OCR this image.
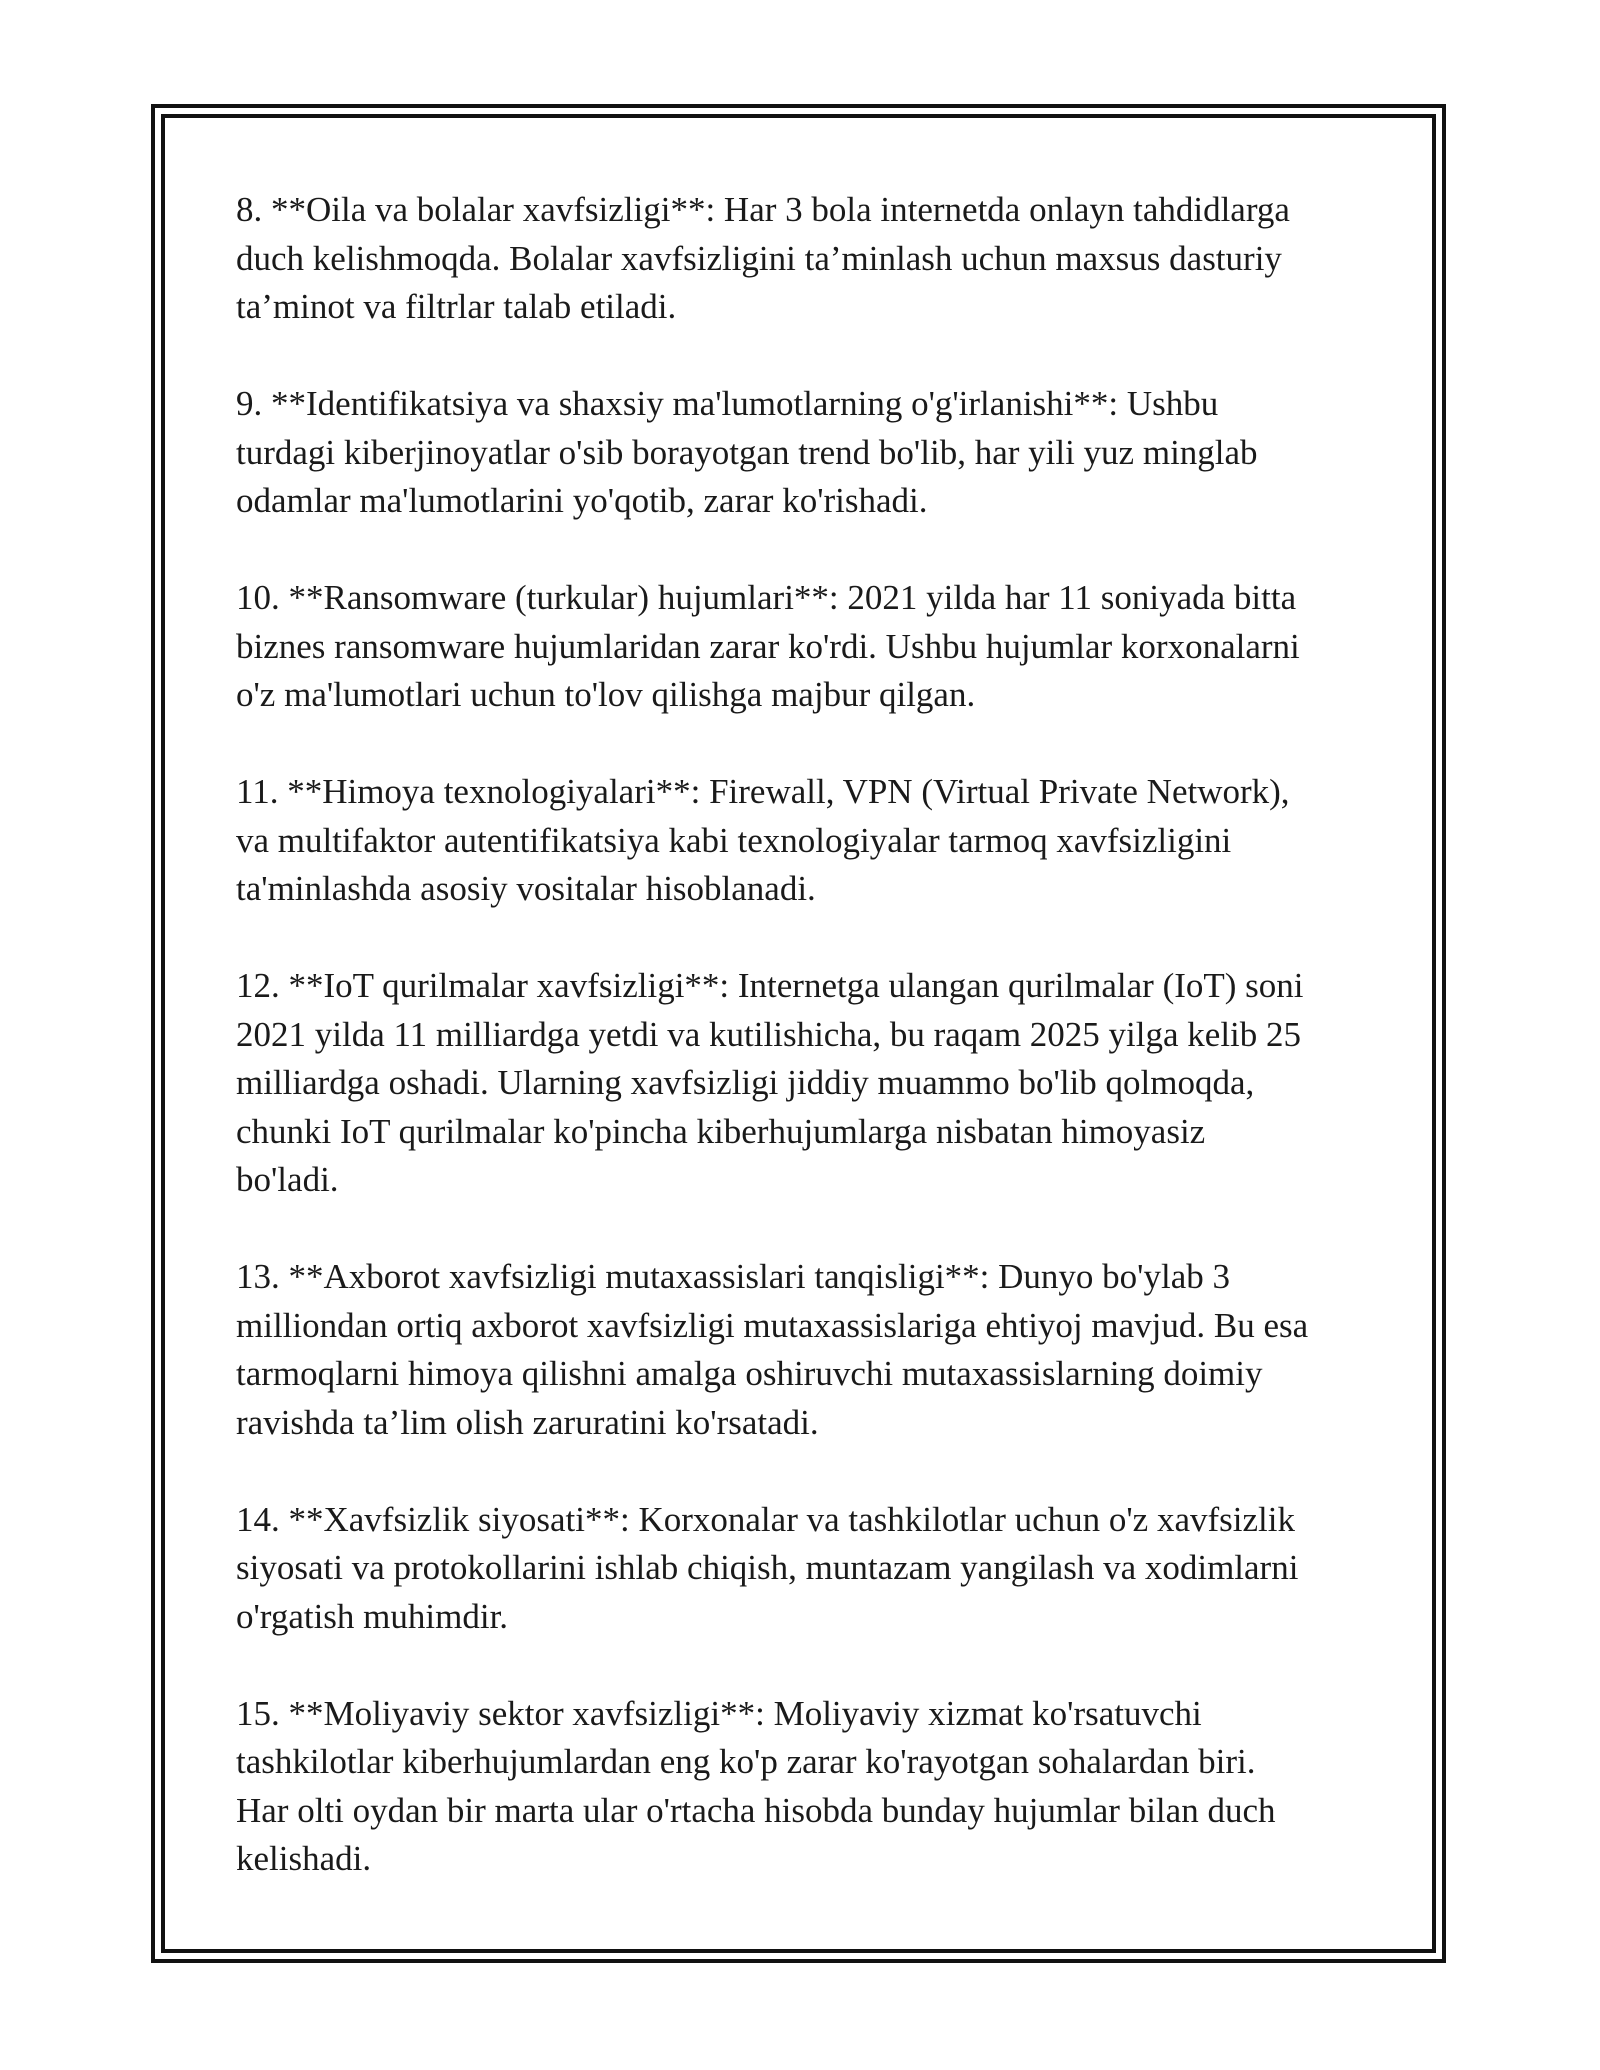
8. **Oila va bolalar xavfsizligi**: Har 3 bola internetda onlayn tahdidlarga
duch kelishmoqda. Bolalar xavfsizligini ta’minlash uchun maxsus dasturiy
ta’minot va filtrlar talab etiladi.

9. **Identifikatsiya va shaxsiy ma'lumotlarning o'g'irlanishi**: Ushbu
turdagi kiberjinoyatlar o'sib borayotgan trend bo'lib, har yili yuz minglab
odamlar ma'lumotlarini yo'qotib, zarar ko'rishadi.

10. **Ransomware (turkular) hujumlari**: 2021 yilda har 11 soniyada bitta
biznes ransomware hujumlaridan zarar ko'rdi. Ushbu hujumlar korxonalarni
o'z ma'lumotlari uchun to'lov qilishga majbur qilgan.

11. **Himoya texnologiyalari**: Firewall, VPN (Virtual Private Network),
va multifaktor autentifikatsiya kabi texnologiyalar tarmoq xavfsizligini
ta'minlashda asosiy vositalar hisoblanadi.

12. **IoT qurilmalar xavfsizligi**: Internetga ulangan qurilmalar (IoT) soni
2021 yilda 11 milliardga yetdi va kutilishicha, bu raqam 2025 yilga kelib 25
milliardga oshadi. Ularning xavfsizligi jiddiy muammo bo'lib qolmoqda,
chunki IoT qurilmalar ko'pincha kiberhujumlarga nisbatan himoyasiz
bo'ladi.

13. **Axborot xavfsizligi mutaxassislari tanqisligi**: Dunyo bo'ylab 3
milliondan ortiq axborot xavfsizligi mutaxassislariga ehtiyoj mavjud. Bu esa
tarmoqlarni himoya qilishni amalga oshiruvchi mutaxassislarning doimiy
ravishda ta’lim olish zaruratini ko'rsatadi.

14. **Xavfsizlik siyosati**: Korxonalar va tashkilotlar uchun o'z xavfsizlik
siyosati va protokollarini ishlab chiqish, muntazam yangilash va xodimlarni
o'rgatish muhimdir.

15. **Moliyaviy sektor xavfsizligi**: Moliyaviy xizmat ko'rsatuvchi
tashkilotlar kiberhujumlardan eng ko'p zarar ko'rayotgan sohalardan biri.
Har olti oydan bir marta ular o'rtacha hisobda bunday hujumlar bilan duch
kelishadi.
